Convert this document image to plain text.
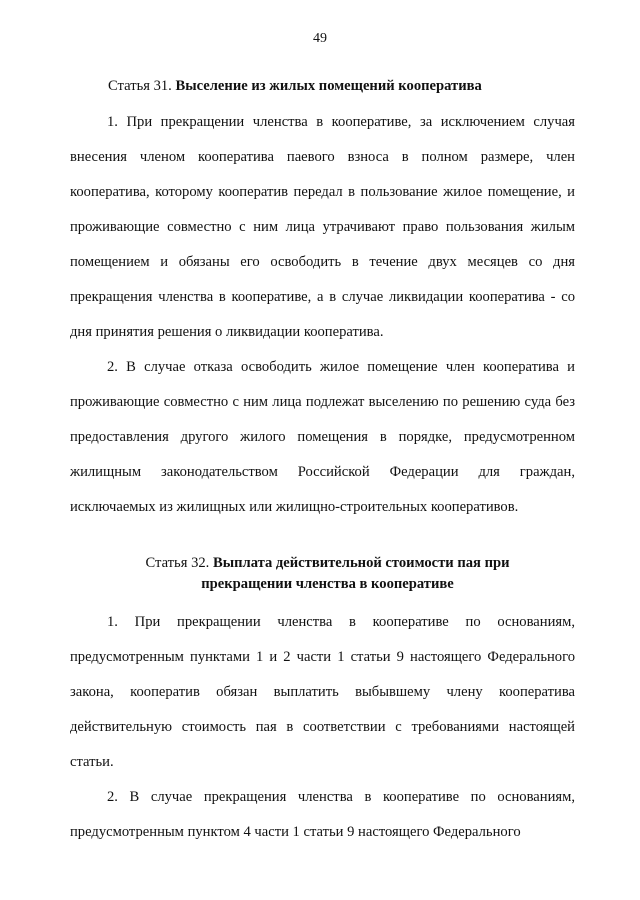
49
Статья 31. Выселение из жилых помещений кооператива

1. При прекращении членства в кооперативе, за исключением случая внесения членом кооператива паевого взноса в полном размере, член кооператива, которому кооператив передал в пользование жилое помещение, и проживающие совместно с ним лица утрачивают право пользования жилым помещением и обязаны его освободить в течение двух месяцев со дня прекращения членства в кооперативе, а в случае ликвидации кооператива - со дня принятия решения о ликвидации кооператива.

2. В случае отказа освободить жилое помещение член кооператива и проживающие совместно с ним лица подлежат выселению по решению суда без предоставления другого жилого помещения в порядке, предусмотренном жилищным законодательством Российской Федерации для граждан, исключаемых из жилищных или жилищно-строительных кооперативов.

Статья 32. Выплата действительной стоимости пая при
прекращении членства в кооперативе

1. При прекращении членства в кооперативе по основаниям, предусмотренным пунктами 1 и 2 части 1 статьи 9 настоящего Федерального закона, кооператив обязан выплатить выбывшему члену кооператива действительную стоимость пая в соответствии с требованиями настоящей статьи.

2. В случае прекращения членства в кооперативе по основаниям, предусмотренным пунктом 4 части 1 статьи 9 настоящего Федерального
